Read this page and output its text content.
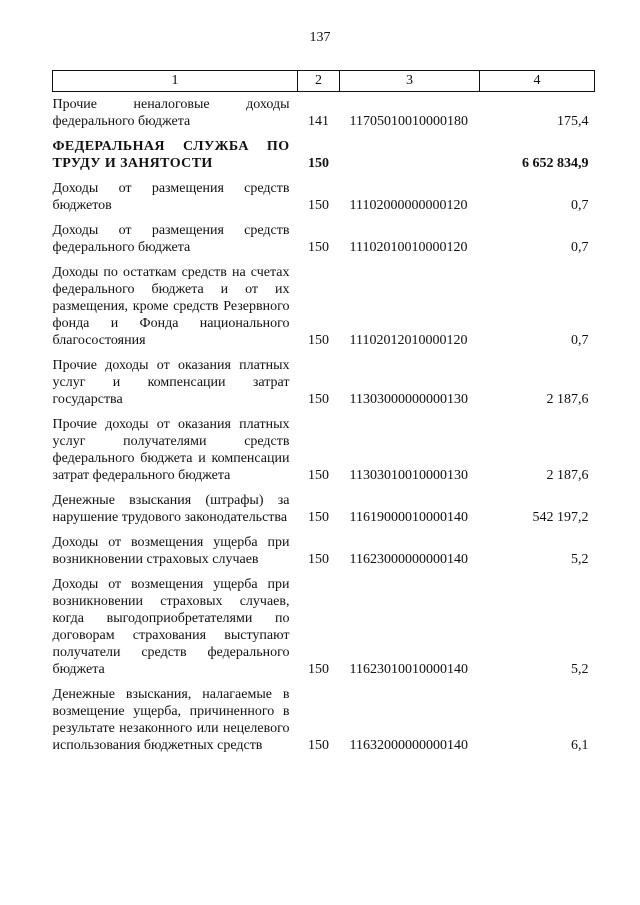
137
1	2	3	4
Прочие неналоговые доходы федерального бюджета	141	11705010010000180	175,4
ФЕДЕРАЛЬНАЯ СЛУЖБА ПО ТРУДУ И ЗАНЯТОСТИ	150		6 652 834,9
Доходы от размещения средств бюджетов	150	11102000000000120	0,7
Доходы от размещения средств федерального бюджета	150	11102010010000120	0,7
Доходы по остаткам средств на счетах федерального бюджета и от их размещения, кроме средств Резервного фонда и Фонда национального благосостояния	150	11102012010000120	0,7
Прочие доходы от оказания платных услуг и компенсации затрат государства	150	11303000000000130	2 187,6
Прочие доходы от оказания платных услуг получателями средств федерального бюджета и компенсации затрат федерального бюджета	150	11303010010000130	2 187,6
Денежные взыскания (штрафы) за нарушение трудового законодательства	150	11619000010000140	542 197,2
Доходы от возмещения ущерба при возникновении страховых случаев	150	11623000000000140	5,2
Доходы от возмещения ущерба при возникновении страховых случаев, когда выгодоприобретателями по договорам страхования выступают получатели средств федерального бюджета	150	11623010010000140	5,2
Денежные взыскания, налагаемые в возмещение ущерба, причиненного в результате незаконного или нецелевого использования бюджетных средств	150	11632000000000140	6,1
